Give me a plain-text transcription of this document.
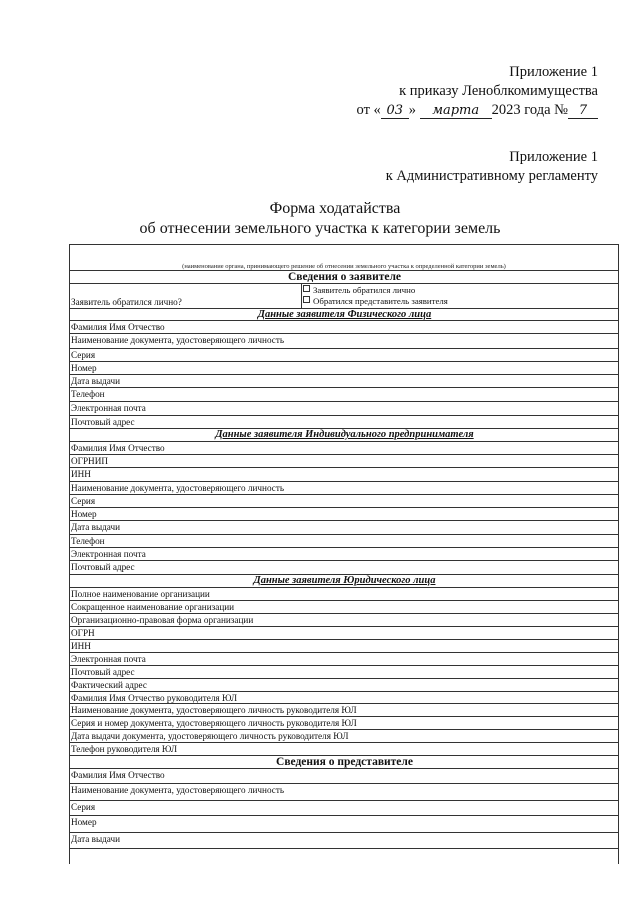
Приложение 1
к приказу Леноблкомимущества
от « 03 » марта 2023 года № 7
Приложение 1
к Административному регламенту
Форма ходатайства
об отнесении земельного участка к категории земель
(наименование органа, принимающего решение об отнесении земельного участка к определенной категории земель)
Сведения о заявителе
Заявитель обратился лично?
Заявитель обратился лично
Обратился представитель заявителя
Данные заявителя Физического лица
Фамилия Имя Отчество
Наименование документа, удостоверяющего личность
Серия
Номер
Дата выдачи
Телефон
Электронная почта
Почтовый адрес
Данные заявителя Индивидуального предпринимателя
Фамилия Имя Отчество
ОГРНИП
ИНН
Наименование документа, удостоверяющего личность
Серия
Номер
Дата выдачи
Телефон
Электронная почта
Почтовый адрес
Данные заявителя Юридического лица
Полное наименование организации
Сокращенное наименование организации
Организационно-правовая форма организации
ОГРН
ИНН
Электронная почта
Почтовый адрес
Фактический адрес
Фамилия Имя Отчество руководителя ЮЛ
Наименование документа, удостоверяющего личность руководителя ЮЛ
Серия и номер документа, удостоверяющего личность руководителя ЮЛ
Дата выдачи документа, удостоверяющего личность руководителя ЮЛ
Телефон руководителя ЮЛ
Сведения о представителе
Фамилия Имя Отчество
Наименование документа, удостоверяющего личность
Серия
Номер
Дата выдачи
